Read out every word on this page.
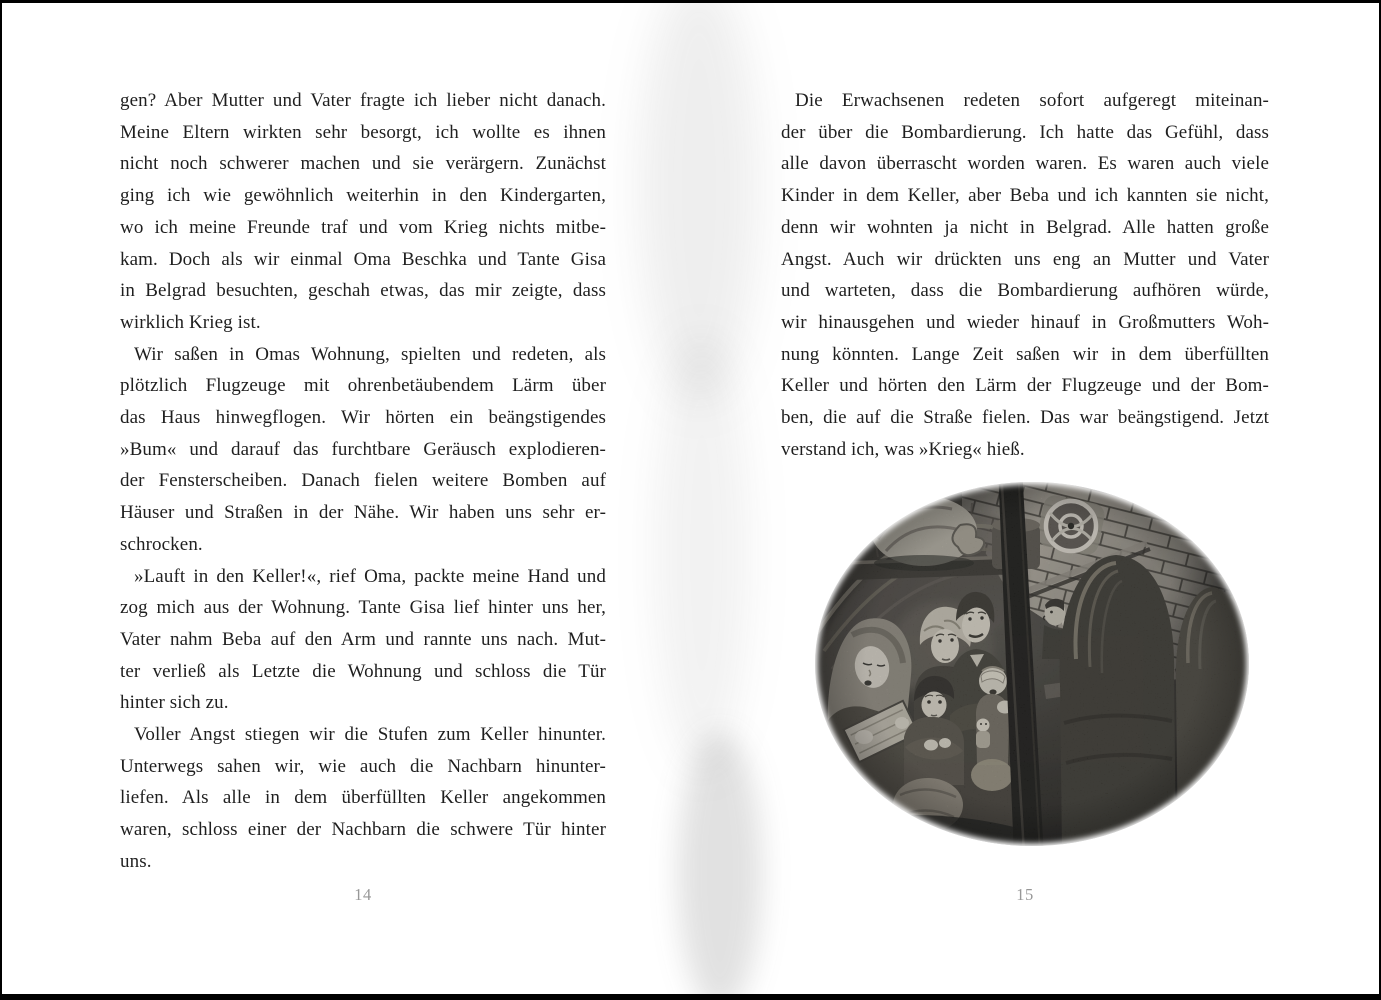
gen? Aber Mutter und Vater fragte ich lieber nicht danach.
Meine Eltern wirkten sehr besorgt, ich wollte es ihnen
nicht noch schwerer machen und sie verärgern. Zunächst
ging ich wie gewöhnlich weiterhin in den Kindergarten,
wo ich meine Freunde traf und vom Krieg nichts mitbe-
kam. Doch als wir einmal Oma Beschka und Tante Gisa
in Belgrad besuchten, geschah etwas, das mir zeigte, dass
wirklich Krieg ist.
Wir saßen in Omas Wohnung, spielten und redeten, als
plötzlich Flugzeuge mit ohrenbetäubendem Lärm über
das Haus hinwegflogen. Wir hörten ein beängstigendes
»Bum« und darauf das furchtbare Geräusch explodieren-
der Fensterscheiben. Danach fielen weitere Bomben auf
Häuser und Straßen in der Nähe. Wir haben uns sehr er-
schrocken.
»Lauft in den Keller!«, rief Oma, packte meine Hand und
zog mich aus der Wohnung. Tante Gisa lief hinter uns her,
Vater nahm Beba auf den Arm und rannte uns nach. Mut-
ter verließ als Letzte die Wohnung und schloss die Tür
hinter sich zu.
Voller Angst stiegen wir die Stufen zum Keller hinunter.
Unterwegs sahen wir, wie auch die Nachbarn hinunter-
liefen. Als alle in dem überfüllten Keller angekommen
waren, schloss einer der Nachbarn die schwere Tür hinter
uns.
14
Die Erwachsenen redeten sofort aufgeregt miteinan-
der über die Bombardierung. Ich hatte das Gefühl, dass
alle davon überrascht worden waren. Es waren auch viele
Kinder in dem Keller, aber Beba und ich kannten sie nicht,
denn wir wohnten ja nicht in Belgrad. Alle hatten große
Angst. Auch wir drückten uns eng an Mutter und Vater
und warteten, dass die Bombardierung aufhören würde,
wir hinausgehen und wieder hinauf in Großmutters Woh-
nung könnten. Lange Zeit saßen wir in dem überfüllten
Keller und hörten den Lärm der Flugzeuge und der Bom-
ben, die auf die Straße fielen. Das war beängstigend. Jetzt
verstand ich, was »Krieg« hieß.
15
